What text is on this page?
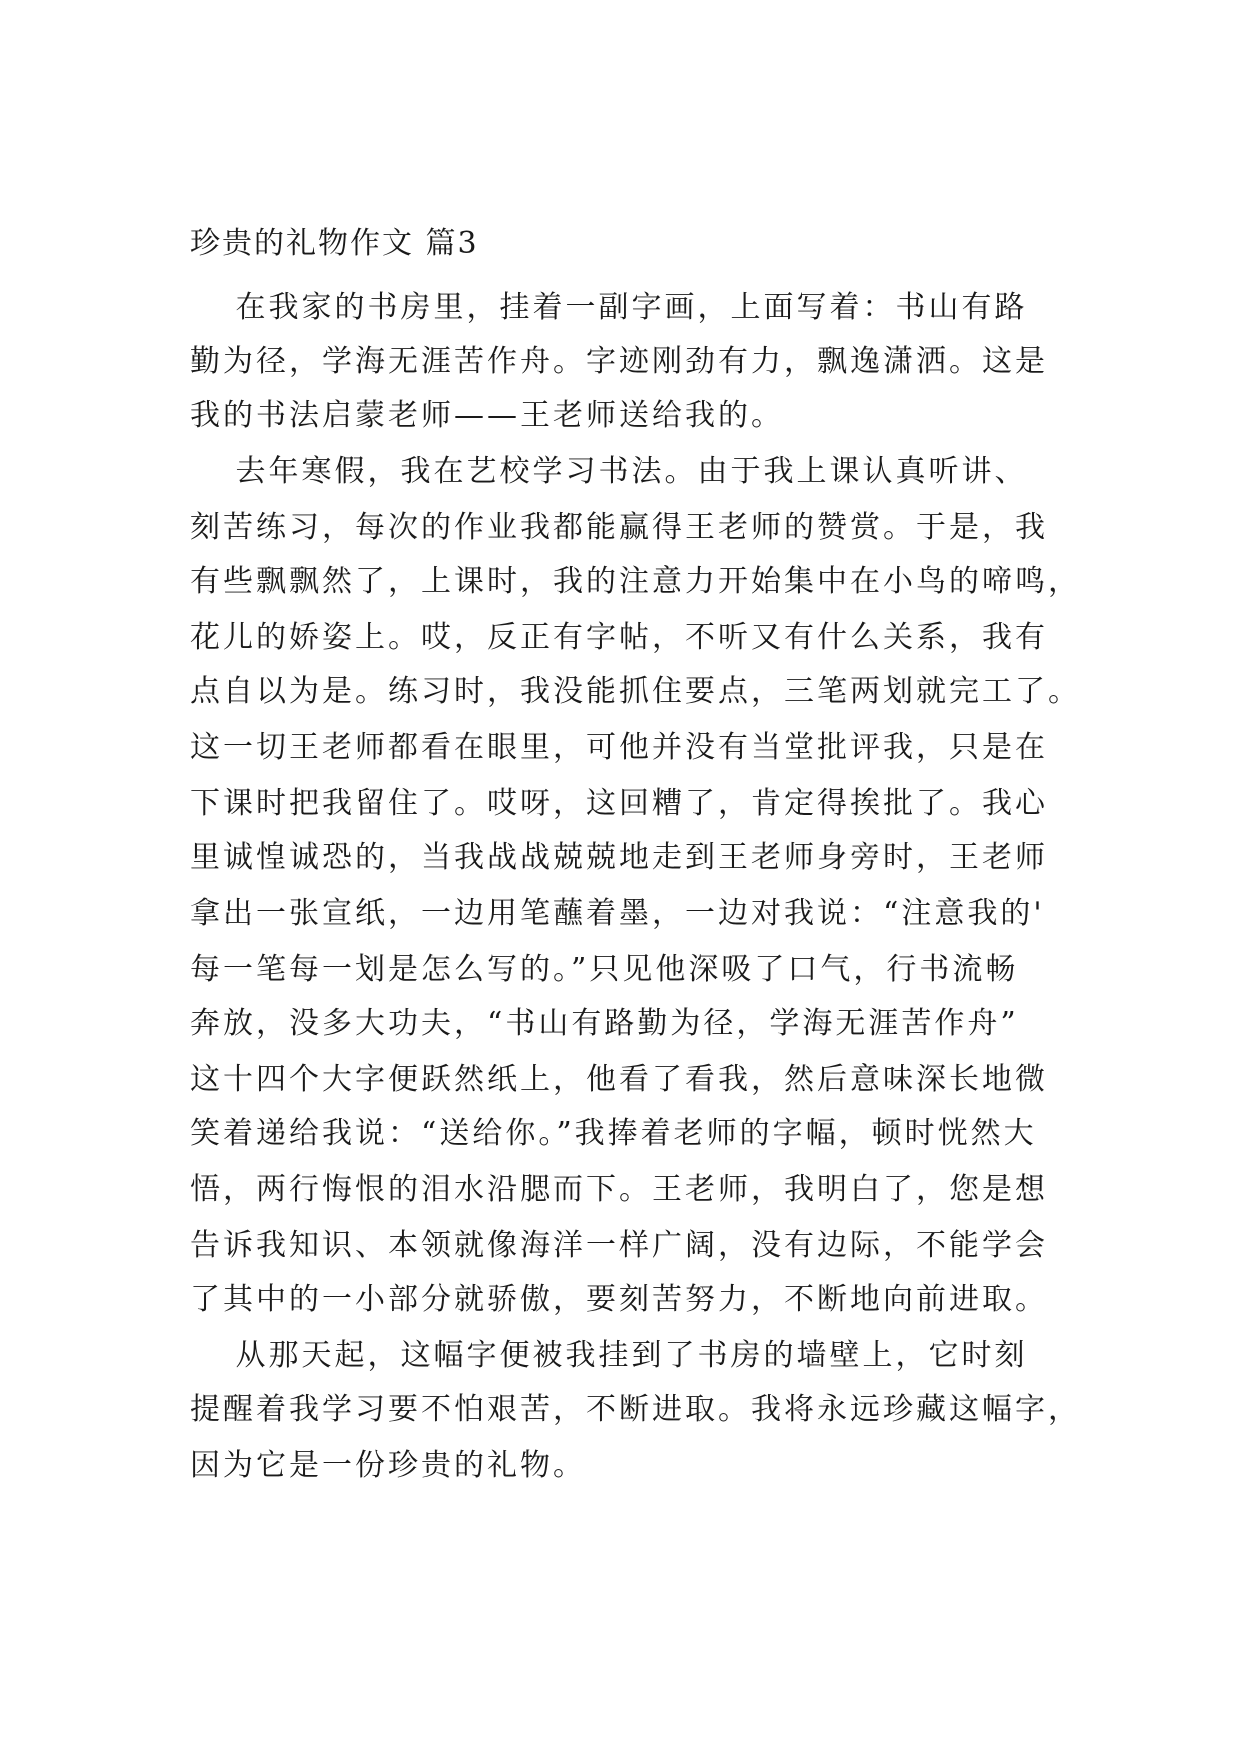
珍贵的礼物作文 篇3

　 在我家的书房里，挂着一副字画，上面写着：书山有路

勤为径，学海无涯苦作舟。字迹刚劲有力，飘逸潇洒。这是

我的书法启蒙老师——王老师送给我的。

　 去年寒假，我在艺校学习书法。由于我上课认真听讲、

刻苦练习，每次的作业我都能赢得王老师的赞赏。于是，我

有些飘飘然了，上课时，我的注意力开始集中在小鸟的啼鸣，

花儿的娇姿上。哎，反正有字帖，不听又有什么关系，我有

点自以为是。练习时，我没能抓住要点，三笔两划就完工了。

这一切王老师都看在眼里，可他并没有当堂批评我，只是在

下课时把我留住了。哎呀，这回糟了，肯定得挨批了。我心

里诚惶诚恐的，当我战战兢兢地走到王老师身旁时，王老师

拿出一张宣纸，一边用笔蘸着墨，一边对我说：“注意我的'

每一笔每一划是怎么写的。”只见他深吸了口气，行书流畅

奔放，没多大功夫，“书山有路勤为径，学海无涯苦作舟”

这十四个大字便跃然纸上，他看了看我，然后意味深长地微

笑着递给我说：“送给你。”我捧着老师的字幅，顿时恍然大

悟，两行悔恨的泪水沿腮而下。王老师，我明白了，您是想

告诉我知识、本领就像海洋一样广阔，没有边际，不能学会

了其中的一小部分就骄傲，要刻苦努力，不断地向前进取。

　 从那天起，这幅字便被我挂到了书房的墙壁上，它时刻

提醒着我学习要不怕艰苦，不断进取。我将永远珍藏这幅字，

因为它是一份珍贵的礼物。
